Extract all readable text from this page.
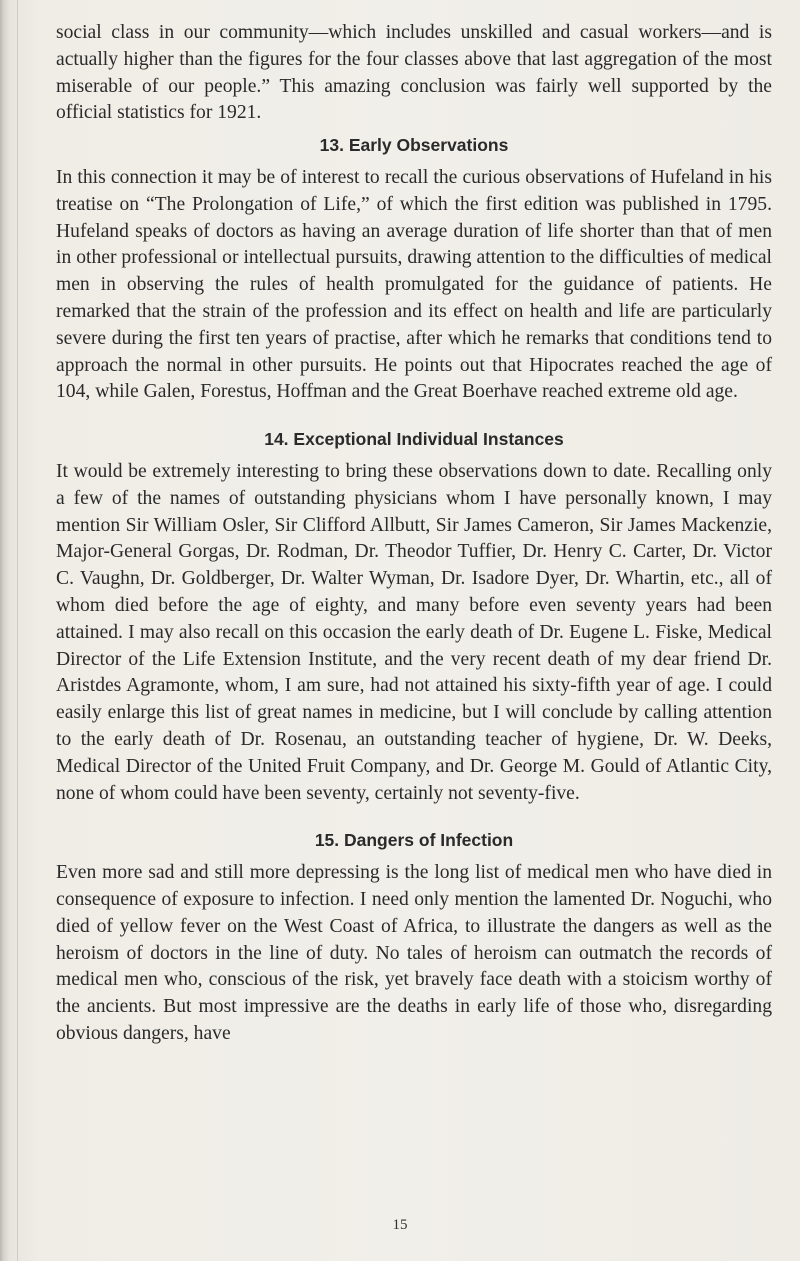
social class in our community—which includes unskilled and casual workers—and is actually higher than the figures for the four classes above that last aggregation of the most miserable of our people.” This amazing conclusion was fairly well supported by the official statistics for 1921.

13. Early Observations

In this connection it may be of interest to recall the curious observations of Hufeland in his treatise on “The Prolongation of Life,” of which the first edition was published in 1795. Hufeland speaks of doctors as having an average duration of life shorter than that of men in other professional or intellectual pursuits, drawing attention to the difficulties of medical men in observing the rules of health promulgated for the guidance of patients. He remarked that the strain of the profession and its effect on health and life are particularly severe during the first ten years of practise, after which he remarks that conditions tend to approach the normal in other pursuits. He points out that Hipocrates reached the age of 104, while Galen, Forestus, Hoffman and the Great Boerhave reached extreme old age.

14. Exceptional Individual Instances

It would be extremely interesting to bring these observations down to date. Recalling only a few of the names of outstanding physicians whom I have personally known, I may mention Sir William Osler, Sir Clifford Allbutt, Sir James Cameron, Sir James Mackenzie, Major-General Gorgas, Dr. Rodman, Dr. Theodor Tuffier, Dr. Henry C. Carter, Dr. Victor C. Vaughn, Dr. Goldberger, Dr. Walter Wyman, Dr. Isadore Dyer, Dr. Whartin, etc., all of whom died before the age of eighty, and many before even seventy years had been attained. I may also recall on this occasion the early death of Dr. Eugene L. Fiske, Medical Director of the Life Extension Institute, and the very recent death of my dear friend Dr. Aristdes Agramonte, whom, I am sure, had not attained his sixty-fifth year of age. I could easily enlarge this list of great names in medicine, but I will conclude by calling attention to the early death of Dr. Rosenau, an outstanding teacher of hygiene, Dr. W. Deeks, Medical Director of the United Fruit Company, and Dr. George M. Gould of Atlantic City, none of whom could have been seventy, certainly not seventy-five.

15. Dangers of Infection

Even more sad and still more depressing is the long list of medical men who have died in consequence of exposure to infection. I need only mention the lamented Dr. Noguchi, who died of yellow fever on the West Coast of Africa, to illustrate the dangers as well as the heroism of doctors in the line of duty. No tales of heroism can outmatch the records of medical men who, conscious of the risk, yet bravely face death with a stoicism worthy of the ancients. But most impressive are the deaths in early life of those who, disregarding obvious dangers, have

15
